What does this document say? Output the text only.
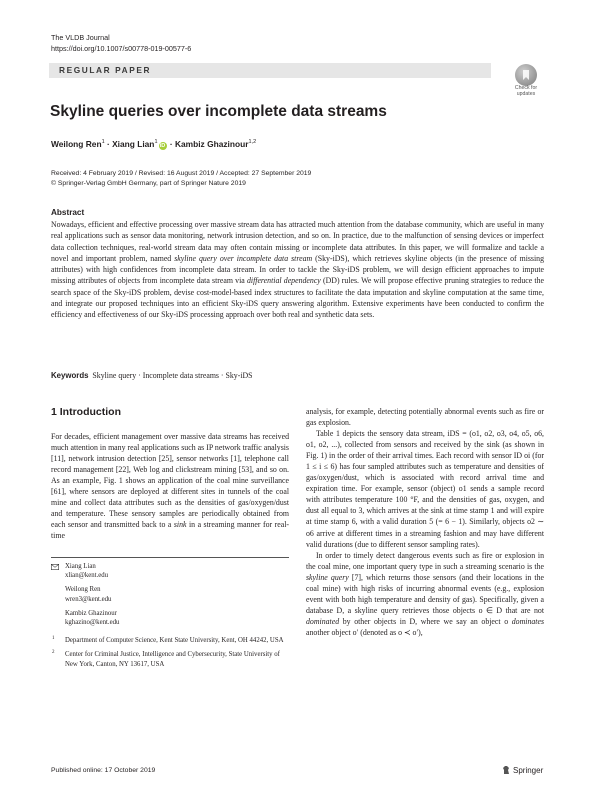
The VLDB Journal
https://doi.org/10.1007/s00778-019-00577-6
REGULAR PAPER
Check for
updates
Skyline queries over incomplete data streams
Weilong Ren$^1$ · Xiang Lian$^1$iD · Kambiz Ghazinour$^{1,2}$
Received: 4 February 2019 / Revised: 16 August 2019 / Accepted: 27 September 2019
© Springer-Verlag GmbH Germany, part of Springer Nature 2019
Abstract
Nowadays, efficient and effective processing over massive stream data has attracted much attention from the database community, which are useful in many real applications such as sensor data monitoring, network intrusion detection, and so on. In practice, due to the malfunction of sensing devices or imperfect data collection techniques, real-world stream data may often contain missing or incomplete data attributes. In this paper, we will formalize and tackle a novel and important problem, named skyline query over incomplete data stream (Sky-iDS), which retrieves skyline objects (in the presence of missing attributes) with high confidences from incomplete data stream. In order to tackle the Sky-iDS problem, we will design efficient approaches to impute missing attributes of objects from incomplete data stream via differential dependency (DD) rules. We will propose effective pruning strategies to reduce the search space of the Sky-iDS problem, devise cost-model-based index structures to facilitate the data imputation and skyline computation at the same time, and integrate our proposed techniques into an efficient Sky-iDS query answering algorithm. Extensive experiments have been conducted to confirm the efficiency and effectiveness of our Sky-iDS processing approach over both real and synthetic data sets.
Keywords Skyline query · Incomplete data streams · Sky-iDS
1 Introduction

For decades, efficient management over massive data streams has received much attention in many real applications such as IP network traffic analysis [11], network intrusion detection [25], sensor networks [1], telephone call record management [22], Web log and clickstream mining [53], and so on. As an example, Fig. 1 shows an application of the coal mine surveillance [61], where sensors are deployed at different sites in tunnels of the coal mine and collect data attributes such as the densities of gas/oxygen/dust and temperature. These sensory samples are periodically obtained from each sensor and transmitted back to a sink in a streaming manner for real-time

Xiang Lian
xlian@kent.edu
Weilong Ren
wren3@kent.edu
Kambiz Ghazinour
kghazino@kent.edu
1 Department of Computer Science, Kent State University, Kent, OH 44242, USA
2 Center for Criminal Justice, Intelligence and Cybersecurity, State University of New York, Canton, NY 13617, USA

analysis, for example, detecting potentially abnormal events such as fire or gas explosion.

Table 1 depicts the sensory data stream, iDS = (o1, o2, o3, o4, o5, o6, o1, o2, ...), collected from sensors and received by the sink (as shown in Fig. 1) in the order of their arrival times. Each record with sensor ID oi (for 1 ≤ i ≤ 6) has four sampled attributes such as temperature and densities of gas/oxygen/dust, which is associated with record arrival time and expiration time. For example, sensor (object) o1 sends a sample record with attributes temperature 100 °F, and the densities of gas, oxygen, and dust all equal to 3, which arrives at the sink at time stamp 1 and will expire at time stamp 6, with a valid duration 5 (= 6 − 1). Similarly, objects o2 ∼ o6 arrive at different times in a streaming fashion and may have different valid durations (due to different sensor sampling rates).

In order to timely detect dangerous events such as fire or explosion in the coal mine, one important query type in such a streaming scenario is the skyline query [7], which returns those sensors (and their locations in the coal mine) with high risks of incurring abnormal events (e.g., explosion event with both high temperature and density of gas). Specifically, given a database D, a skyline query retrieves those objects o ∈ D that are not dominated by other objects in D, where we say an object o dominates another object o′ (denoted as o ≺ o′),

Published online: 17 October 2019	Springer
